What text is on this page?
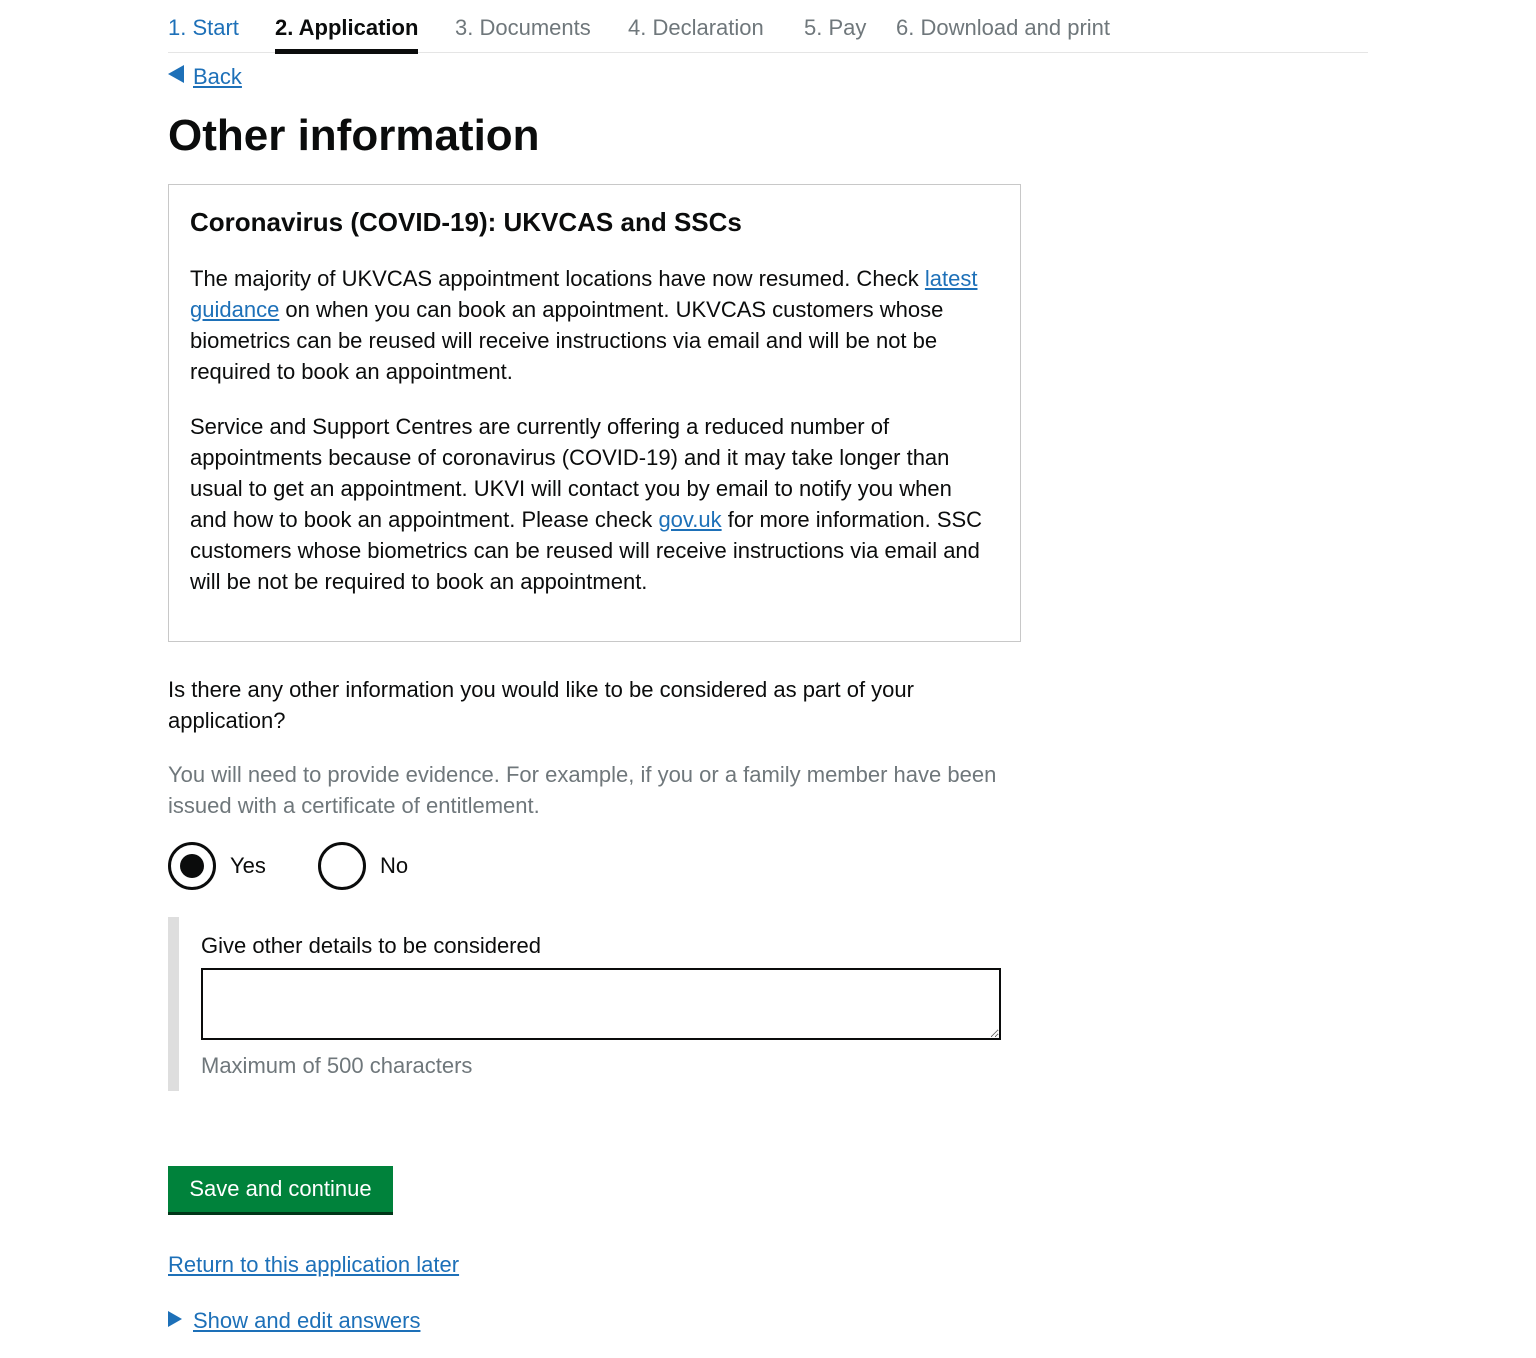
1. Start 2. Application 3. Documents 4. Declaration 5. Pay 6. Download and print
Back
Other information
Coronavirus (COVID-19): UKVCAS and SSCs

The majority of UKVCAS appointment locations have now resumed. Check latest guidance on when you can book an appointment. UKVCAS customers whose biometrics can be reused will receive instructions via email and will be not be required to book an appointment.

Service and Support Centres are currently offering a reduced number of appointments because of coronavirus (COVID-19) and it may take longer than usual to get an appointment. UKVI will contact you by email to notify you when and how to book an appointment. Please check gov.uk for more information. SSC customers whose biometrics can be reused will receive instructions via email and will be not be required to book an appointment.

Is there any other information you would like to be considered as part of your application?

You will need to provide evidence. For example, if you or a family member have been issued with a certificate of entitlement.

Yes	No
Give other details to be considered
Maximum of 500 characters
Save and continue
Return to this application later
Show and edit answers
